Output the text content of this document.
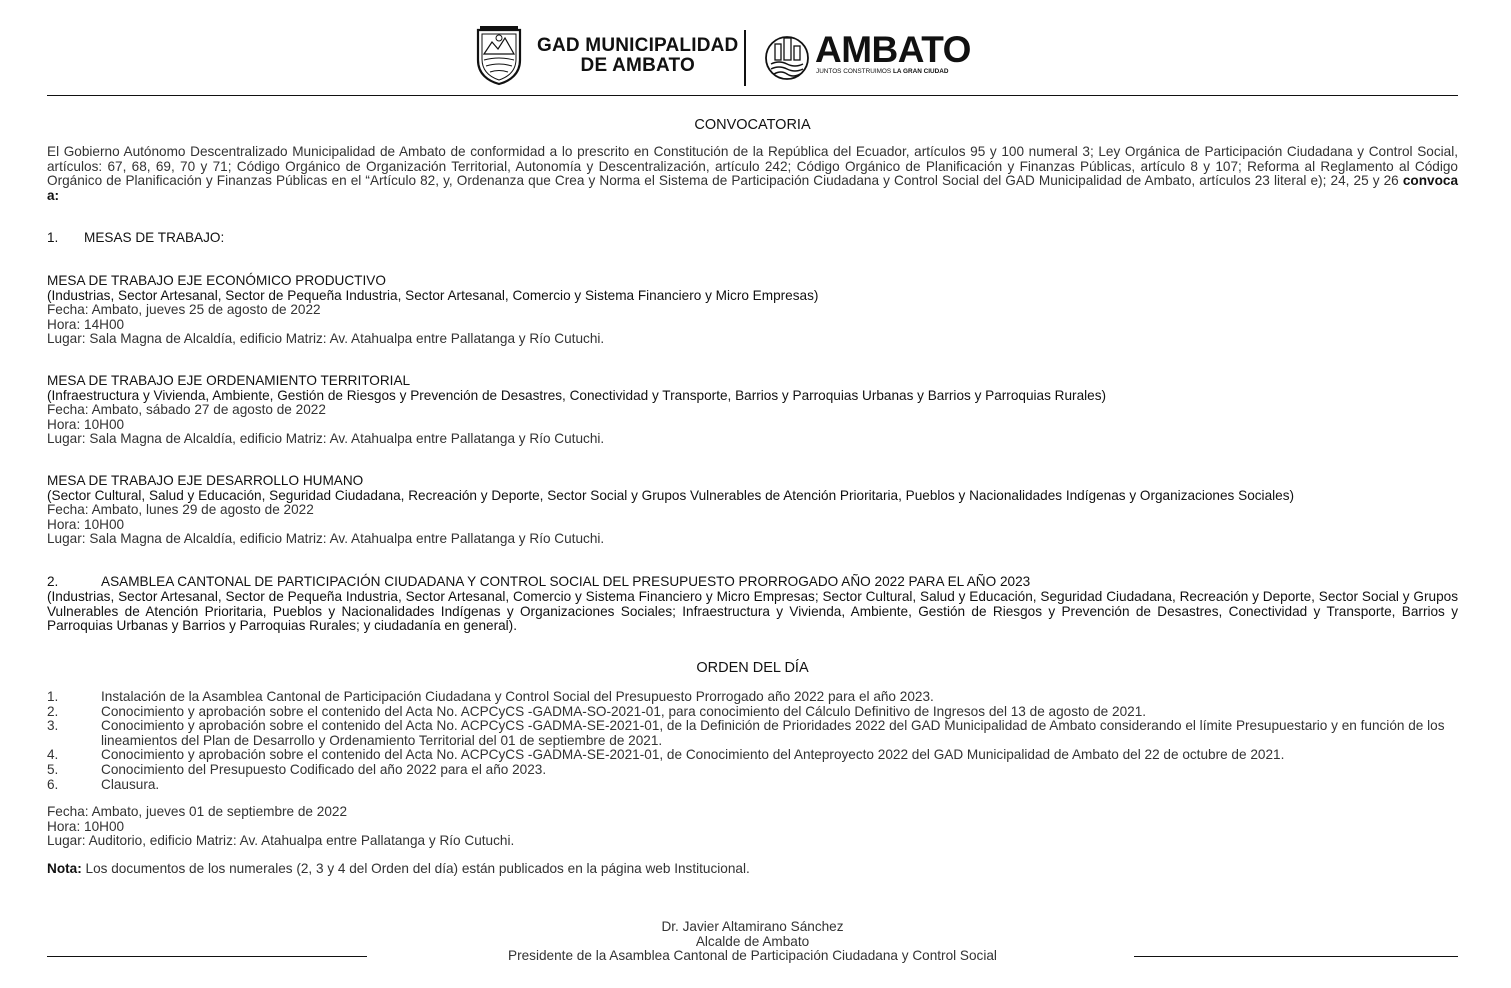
GAD MUNICIPALIDAD
DE AMBATO	AMBATO
JUNTOS CONSTRUIMOS LA GRAN CIUDAD
CONVOCATORIA
El Gobierno Autónomo Descentralizado Municipalidad de Ambato de conformidad a lo prescrito en Constitución de la República del Ecuador, artículos 95 y 100 numeral 3; Ley Orgánica de Participación Ciudadana y Control Social, artículos: 67, 68, 69, 70 y 71; Código Orgánico de Organización Territorial, Autonomía y Descentralización, artículo 242; Código Orgánico de Planificación y Finanzas Públicas, artículo 8 y 107; Reforma al Reglamento al Código Orgánico de Planificación y Finanzas Públicas en el “Artículo 82, y, Ordenanza que Crea y Norma el Sistema de Participación Ciudadana y Control Social del GAD Municipalidad de Ambato, artículos 23 literal e); 24, 25 y 26 convoca a:
1. MESAS DE TRABAJO:
MESA DE TRABAJO EJE ECONÓMICO PRODUCTIVO
(Industrias, Sector Artesanal, Sector de Pequeña Industria, Sector Artesanal, Comercio y Sistema Financiero y Micro Empresas)
Fecha: Ambato, jueves 25 de agosto de 2022
Hora: 14H00
Lugar: Sala Magna de Alcaldía, edificio Matriz: Av. Atahualpa entre Pallatanga y Río Cutuchi.
MESA DE TRABAJO EJE ORDENAMIENTO TERRITORIAL
(Infraestructura y Vivienda, Ambiente, Gestión de Riesgos y Prevención de Desastres, Conectividad y Transporte, Barrios y Parroquias Urbanas y Barrios y Parroquias Rurales)
Fecha: Ambato, sábado 27 de agosto de 2022
Hora: 10H00
Lugar: Sala Magna de Alcaldía, edificio Matriz: Av. Atahualpa entre Pallatanga y Río Cutuchi.
MESA DE TRABAJO EJE DESARROLLO HUMANO
(Sector Cultural, Salud y Educación, Seguridad Ciudadana, Recreación y Deporte, Sector Social y Grupos Vulnerables de Atención Prioritaria, Pueblos y Nacionalidades Indígenas y Organizaciones Sociales)
Fecha: Ambato, lunes 29 de agosto de 2022
Hora: 10H00
Lugar: Sala Magna de Alcaldía, edificio Matriz: Av. Atahualpa entre Pallatanga y Río Cutuchi.
2.	ASAMBLEA CANTONAL DE PARTICIPACIÓN CIUDADANA Y CONTROL SOCIAL DEL PRESUPUESTO PRORROGADO AÑO 2022 PARA EL AÑO 2023
(Industrias, Sector Artesanal, Sector de Pequeña Industria, Sector Artesanal, Comercio y Sistema Financiero y Micro Empresas; Sector Cultural, Salud y Educación, Seguridad Ciudadana, Recreación y Deporte, Sector Social y Grupos Vulnerables de Atención Prioritaria, Pueblos y Nacionalidades Indígenas y Organizaciones Sociales; Infraestructura y Vivienda, Ambiente, Gestión de Riesgos y Prevención de Desastres, Conectividad y Transporte, Barrios y Parroquias Urbanas y Barrios y Parroquias Rurales; y ciudadanía en general).
ORDEN DEL DÍA
1.	Instalación de la Asamblea Cantonal de Participación Ciudadana y Control Social del Presupuesto Prorrogado año 2022 para el año 2023.
2.	Conocimiento y aprobación sobre el contenido del Acta No. ACPCyCS -GADMA-SO-2021-01, para conocimiento del Cálculo Definitivo de Ingresos del 13 de agosto de 2021.
3.	Conocimiento y aprobación sobre el contenido del Acta No. ACPCyCS -GADMA-SE-2021-01, de la Definición de Prioridades 2022 del GAD Municipalidad de Ambato considerando el límite Presupuestario y en función de los lineamientos del Plan de Desarrollo y Ordenamiento Territorial del 01 de septiembre de 2021.
4.	Conocimiento y aprobación sobre el contenido del Acta No. ACPCyCS -GADMA-SE-2021-01, de Conocimiento del Anteproyecto 2022 del GAD Municipalidad de Ambato del 22 de octubre de 2021.
5.	Conocimiento del Presupuesto Codificado del año 2022 para el año 2023.
6.	Clausura.
Fecha: Ambato, jueves 01 de septiembre de 2022
Hora: 10H00
Lugar: Auditorio, edificio Matriz: Av. Atahualpa entre Pallatanga y Río Cutuchi.
Nota: Los documentos de los numerales (2, 3 y 4 del Orden del día) están publicados en la página web Institucional.
Dr. Javier Altamirano Sánchez
Alcalde de Ambato
Presidente de la Asamblea Cantonal de Participación Ciudadana y Control Social
